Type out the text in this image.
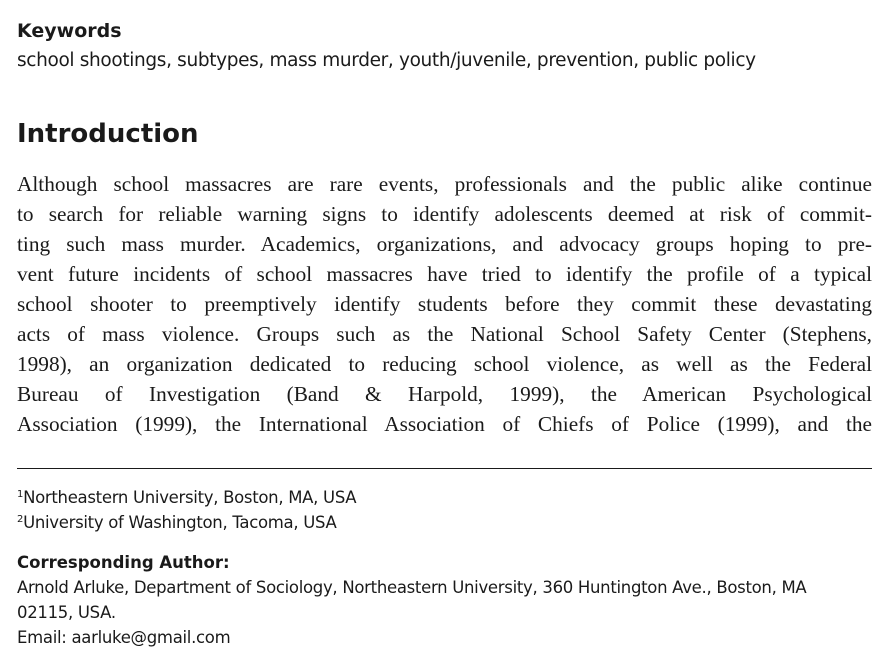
Keywords
school shootings, subtypes, mass murder, youth/juvenile, prevention, public policy
Introduction
Although school massacres are rare events, professionals and the public alike continue
to search for reliable warning signs to identify adolescents deemed at risk of commit-
ting such mass murder. Academics, organizations, and advocacy groups hoping to pre-
vent future incidents of school massacres have tried to identify the profile of a typical
school shooter to preemptively identify students before they commit these devastating
acts of mass violence. Groups such as the National School Safety Center (Stephens,
1998), an organization dedicated to reducing school violence, as well as the Federal
Bureau of Investigation (Band & Harpold, 1999), the American Psychological
Association (1999), the International Association of Chiefs of Police (1999), and the
$^1$Northeastern University, Boston, MA, USA
$^2$University of Washington, Tacoma, USA
Corresponding Author:
Arnold Arluke, Department of Sociology, Northeastern University, 360 Huntington Ave., Boston, MA
02115, USA.
Email: aarluke@gmail.com
